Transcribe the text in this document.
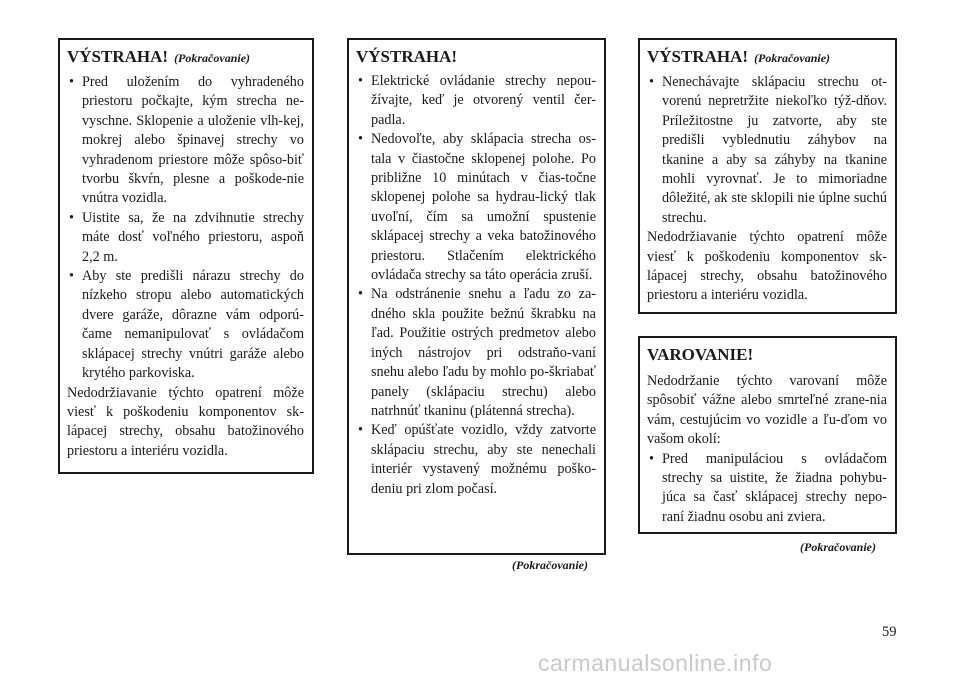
VÝSTRAHA! (Pokračovanie)
• Pred uložením do vyhradeného priestoru počkajte, kým strecha ne-vyschne. Sklopenie a uloženie vlh-kej, mokrej alebo špinavej strechy vo vyhradenom priestore môže spôso-biť tvorbu škvŕn, plesne a poškode-nie vnútra vozidla.
• Uistite sa, že na zdvihnutie strechy máte dosť voľného priestoru, aspoň 2,2 m.
• Aby ste predišli nárazu strechy do nízkeho stropu alebo automatických dvere garáže, dôrazne vám odporú-čame nemanipulovať s ovládačom sklápacej strechy vnútri garáže alebo krytého parkoviska.

Nedodržiavanie týchto opatrení môže viesť k poškodeniu komponentov sk-lápacej strechy, obsahu batožinového priestoru a interiéru vozidla.

VÝSTRAHA!
• Elektrické ovládanie strechy nepou-žívajte, keď je otvorený ventil čer-padla.
• Nedovoľte, aby sklápacia strecha os-tala v čiastočne sklopenej polohe. Po približne 10 minútach v čias-točne sklopenej polohe sa hydrau-lický tlak uvoľní, čím sa umožní spustenie sklápacej strechy a veka batožinového priestoru. Stlačením elektrického ovládača strechy sa táto operácia zruší.
• Na odstránenie snehu a ľadu zo za-dného skla použite bežnú škrabku na ľad. Použitie ostrých predmetov alebo iných nástrojov pri odstraňo-vaní snehu alebo ľadu by mohlo po-škriabať panely (sklápaciu strechu) alebo natrhnúť tkaninu (plátenná strecha).
• Keď opúšťate vozidlo, vždy zatvorte sklápaciu strechu, aby ste nenechali interiér vystavený možnému poško-deniu pri zlom počasí.
(Pokračovanie)
VÝSTRAHA! (Pokračovanie)
• Nenechávajte sklápaciu strechu ot-vorenú nepretržite niekoľko týž-dňov. Príležitostne ju zatvorte, aby ste predišli vyblednutiu záhybov na tkanine a aby sa záhyby na tkanine mohli vyrovnať. Je to mimoriadne dôležité, ak ste sklopili nie úplne suchú strechu.

Nedodržiavanie týchto opatrení môže viesť k poškodeniu komponentov sk-lápacej strechy, obsahu batožinového priestoru a interiéru vozidla.

VAROVANIE!

Nedodržanie týchto varovaní môže spôsobiť vážne alebo smrteľné zrane-nia vám, cestujúcim vo vozidle a ľu-ďom vo vašom okolí:

• Pred manipuláciou s ovládačom strechy sa uistite, že žiadna pohybu-júca sa časť sklápacej strechy nepo-raní žiadnu osobu ani zviera.
(Pokračovanie)
59
carmanualsonline.info
